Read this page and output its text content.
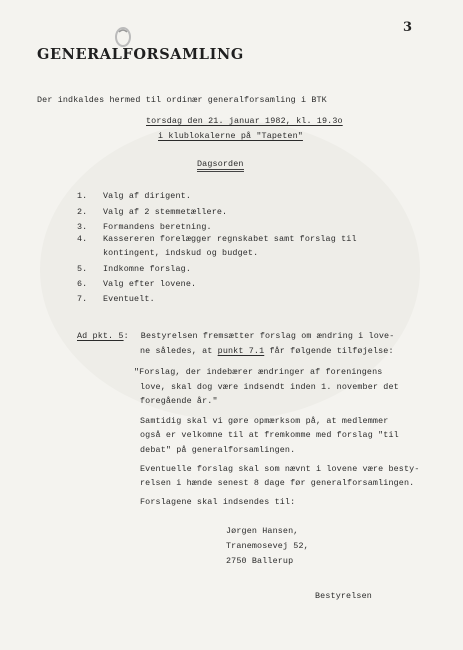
3
GENERALFORSAMLING
Der indkaldes hermed til ordinær generalforsamling i BTK
torsdag den 21. januar 1982, kl. 19.3o
i klublokalerne på "Tapeten"
Dagsorden
1. Valg af dirigent.
2. Valg af 2 stemmetællere.
3. Formandens beretning.
4. Kassereren forelægger regnskabet samt forslag til
kontingent, indskud og budget.
5. Indkomne forslag.
6. Valg efter lovene.
7. Eventuelt.
Ad pkt. 5: Bestyrelsen fremsætter forslag om ændring i love-
ne således, at punkt 7.1 får følgende tilføjelse:
"Forslag, der indebærer ændringer af foreningens
love, skal dog være indsendt inden 1. november det
foregående år."
Samtidig skal vi gøre opmærksom på, at medlemmer
også er velkomne til at fremkomme med forslag "til
debat" på generalforsamlingen.
Eventuelle forslag skal som nævnt i lovene være besty-
relsen i hænde senest 8 dage før generalforsamlingen.
Forslagene skal indsendes til:
Jørgen Hansen,
Tranemosevej 52,
2750 Ballerup
Bestyrelsen
